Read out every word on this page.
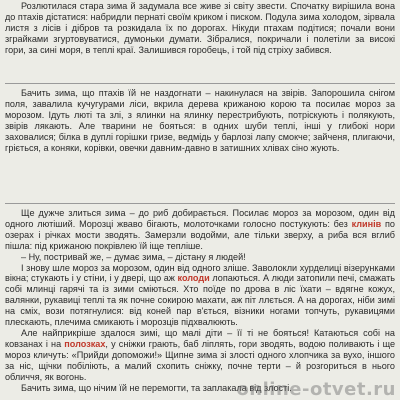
Розлютилася стара зима й задумала все живе зі світу звести. Спочатку вирішила вона до птахів дістатися: набридли пернаті своїм криком і писком. Подула зима холодом, зірвала листя з лісів і дібров та розкидала їх по дорогах. Нікуди птахам подітися; почали вони зграйками згуртовуватися, думоньки думати. Зібралися, покричали і полетіли за високі гори, за сині моря, в теплі краї. Залишився горобець, і той під стріху забився.

Бачить зима, що птахів їй не наздогнати – накинулася на звірів. Запорошила снігом поля, завалила кучугурами ліси, вкрила дерева крижаною корою та посилає мороз за морозом. Ідуть люті та злі, з ялинки на ялинку перестрибують, потріскують і полякують, звірів лякають. Але тварини не бояться: в одних шуби теплі, інші у глибокі нори заховалися; білка в дуплі горішки гризе, ведмідь у барлозі лапу смокче; зайченя, плигаючи, гріється, а коняки, корівки, овечки давним-давно в затишних хлівах сіно жують.

Ще дужче злиться зима – до риб добирається. Посилає мороз за морозом, один від одного лютіший. Морозці жваво бігають, молоточками голосно постукують: без клинів по озерах і річках мости зводять. Замерзли водойми, але тільки зверху, а риба вся вглиб пішла: під крижаною покрівлею їй іще тепліше.

– Ну, постривай же, – думає зима, – дістану я людей!

І знову шле мороз за морозом, один від одного зліше. Заволокли хурделиці візерунками вікна; стукають і у стіни, і у двері, що аж колоди лопаються. А люди затопили печі, смажать собі млинці гарячі та із зими сміються. Хто поїде по дрова в ліс їхати – вдягне кожух, валянки, рукавиці теплі та як почне сокирою махати, аж піт ллється. А на дорогах, ніби зимі на сміх, вози потягнулися: від коней пар в'ється, візники ногами топчуть, рукавицями плескають, плечима смикають і морозців підхвалюють.

Але найприкріше здалося зимі, що малі діти – її ті не бояться! Катаються собі на ковзанах і на полозках, у сніжки грають, баб ліплять, гори зводять, водою поливають і ще мороз кличуть: «Прийди допоможи!» Щипне зима зі злості одного хлопчика за вухо, іншого за ніс, щічки побіліють, а малий схопить сніжку, почне терти – й розгориться в нього обличчя, як вогонь.

Бачить зима, що нічим їй не перемогти, та заплакала від злості.

online-otvet.ru
